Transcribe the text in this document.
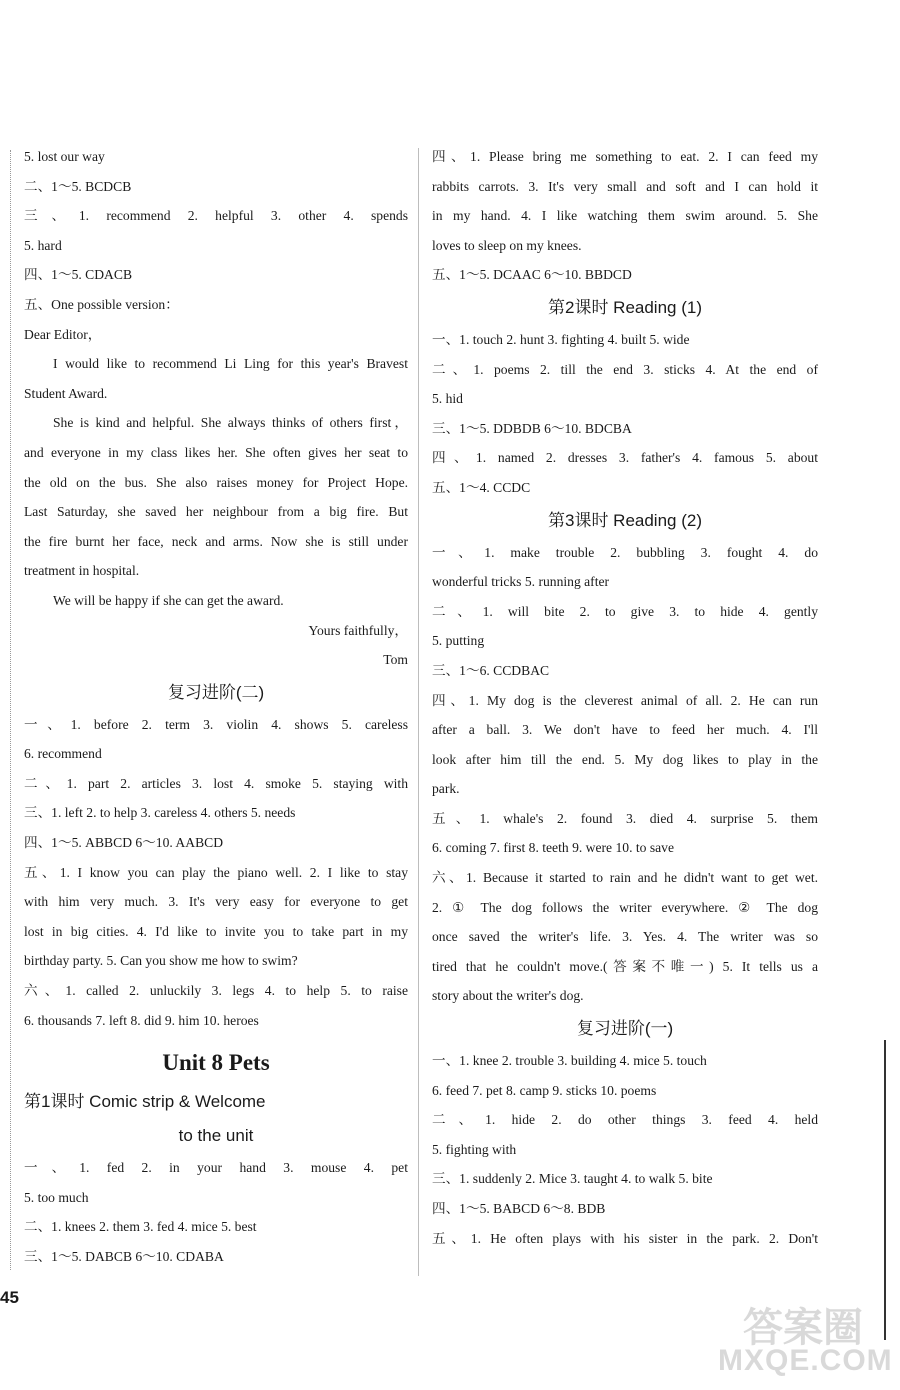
5. lost our way
二、1～5. BCDCB
三、1. recommend 2. helpful 3. other 4. spends
5. hard
四、1～5. CDACB
五、One possible version：
Dear Editor，
I would like to recommend Li Ling for this year's Bravest
Student Award.
She is kind and helpful. She always thinks of others first，
and everyone in my class likes her. She often gives her seat to
the old on the bus. She also raises money for Project Hope.
Last Saturday, she saved her neighbour from a big fire. But
the fire burnt her face, neck and arms. Now she is still under
treatment in hospital.
We will be happy if she can get the award.
Yours faithfully，
Tom
复习进阶(二)
一、1. before 2. term 3. violin 4. shows 5. careless
6. recommend
二、1. part 2. articles 3. lost 4. smoke 5. staying with
三、1. left 2. to help 3. careless 4. others 5. needs
四、1～5. ABBCD 6～10. AABCD
五、1. I know you can play the piano well. 2. I like to stay
with him very much. 3. It's very easy for everyone to get
lost in big cities. 4. I'd like to invite you to take part in my
birthday party. 5. Can you show me how to swim?
六、1. called 2. unluckily 3. legs 4. to help 5. to raise
6. thousands 7. left 8. did 9. him 10. heroes
Unit 8 Pets
第1课时 Comic strip & Welcome
to the unit
一、1. fed 2. in your hand 3. mouse 4. pet
5. too much
二、1. knees 2. them 3. fed 4. mice 5. best
三、1～5. DABCB 6～10. CDABA
四、1. Please bring me something to eat. 2. I can feed my
rabbits carrots. 3. It's very small and soft and I can hold it
in my hand. 4. I like watching them swim around. 5. She
loves to sleep on my knees.
五、1～5. DCAAC 6～10. BBDCD
第2课时 Reading (1)
一、1. touch 2. hunt 3. fighting 4. built 5. wide
二、1. poems 2. till the end 3. sticks 4. At the end of
5. hid
三、1～5. DDBDB 6～10. BDCBA
四、1. named 2. dresses 3. father's 4. famous 5. about
五、1～4. CCDC
第3课时 Reading (2)
一、1. make trouble 2. bubbling 3. fought 4. do
wonderful tricks 5. running after
二、1. will bite 2. to give 3. to hide 4. gently
5. putting
三、1～6. CCDBAC
四、1. My dog is the cleverest animal of all. 2. He can run
after a ball. 3. We don't have to feed her much. 4. I'll
look after him till the end. 5. My dog likes to play in the
park.
五、1. whale's 2. found 3. died 4. surprise 5. them
6. coming 7. first 8. teeth 9. were 10. to save
六、1. Because it started to rain and he didn't want to get wet.
2. ① The dog follows the writer everywhere. ② The dog
once saved the writer's life. 3. Yes. 4. The writer was so
tired that he couldn't move.(答案不唯一) 5. It tells us a
story about the writer's dog.
复习进阶(一)
一、1. knee 2. trouble 3. building 4. mice 5. touch
6. feed 7. pet 8. camp 9. sticks 10. poems
二、1. hide 2. do other things 3. feed 4. held
5. fighting with
三、1. suddenly 2. Mice 3. taught 4. to walk 5. bite
四、1～5. BABCD 6～8. BDB
五、1. He often plays with his sister in the park. 2. Don't
45
答案圈
MXQE.COM
